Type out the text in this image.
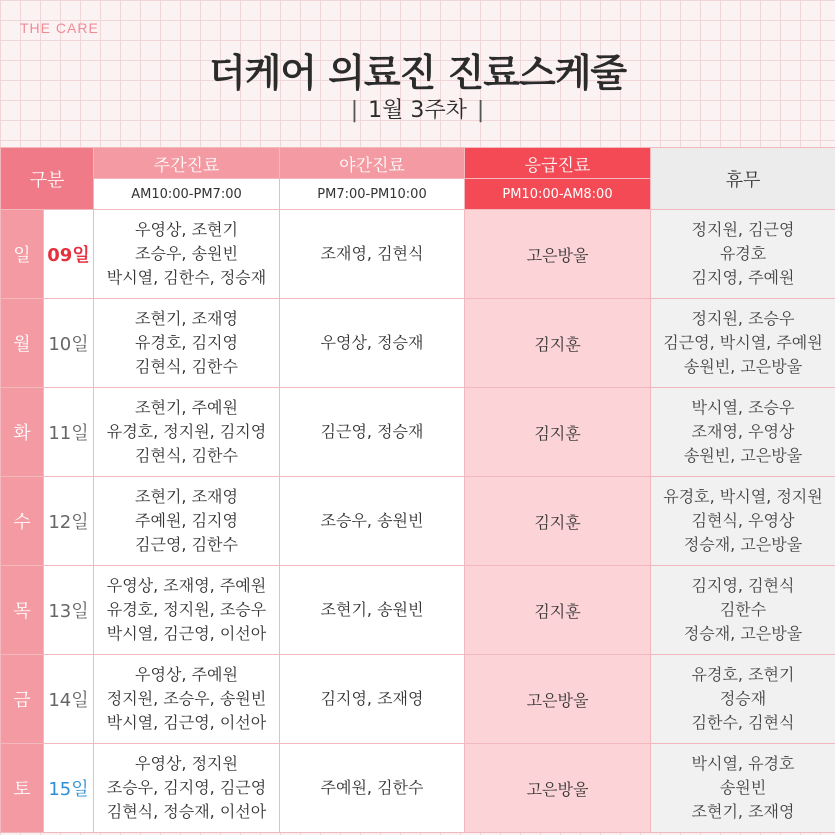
THE CARE
더케어 의료진 진료스케줄
| 1월 3주차 |
구분		주간진료	야간진료	응급진료	휴무
		AM10:00-PM7:00	PM7:00-PM10:00	PM10:00-AM8:00	
일	09일	우영상, 조현기
조승우, 송원빈
박시열, 김한수, 정승재	조재영, 김현식	고은방울	정지원, 김근영
유경호
김지영, 주예원

월	10일	조현기, 조재영
유경호, 김지영
김현식, 김한수	우영상, 정승재	김지훈	정지원, 조승우
김근영, 박시열, 주예원
송원빈, 고은방울

화	11일	조현기, 주예원
유경호, 정지원, 김지영
김현식, 김한수	김근영, 정승재	김지훈	박시열, 조승우
조재영, 우영상
송원빈, 고은방울

수	12일	조현기, 조재영
주예원, 김지영
김근영, 김한수	조승우, 송원빈	김지훈	유경호, 박시열, 정지원
김현식, 우영상
정승재, 고은방울

목	13일	우영상, 조재영, 주예원
유경호, 정지원, 조승우
박시열, 김근영, 이선아	조현기, 송원빈	김지훈	김지영, 김현식
김한수
정승재, 고은방울

금	14일	우영상, 주예원
정지원, 조승우, 송원빈
박시열, 김근영, 이선아	김지영, 조재영	고은방울	유경호, 조현기
정승재
김한수, 김현식

토	15일	우영상, 정지원
조승우, 김지영, 김근영
김현식, 정승재, 이선아	주예원, 김한수	고은방울	박시열, 유경호
송원빈
조현기, 조재영
